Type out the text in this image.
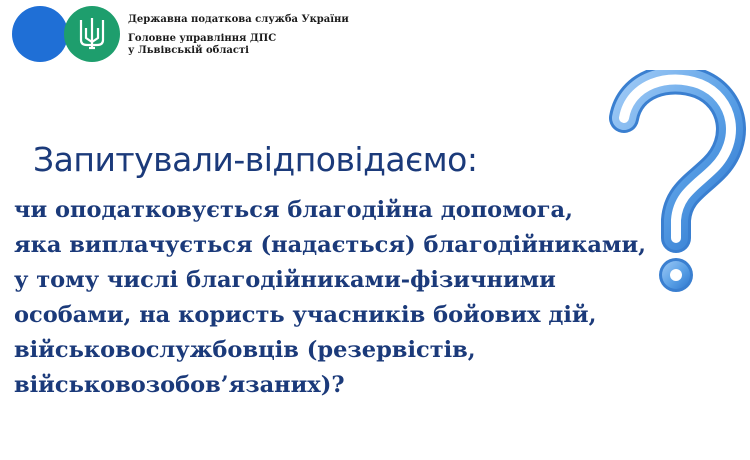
Державна податкова служба України
Головне управління ДПС
у Львівській області
Запитували-відповідаємо:
чи оподатковується благодійна допомога,
яка виплачується (надається) благодійниками,
у тому числі благодійниками-фізичними
особами, на користь учасників бойових дій,
військовослужбовців (резервістів,
військовозобов’язаних)?
